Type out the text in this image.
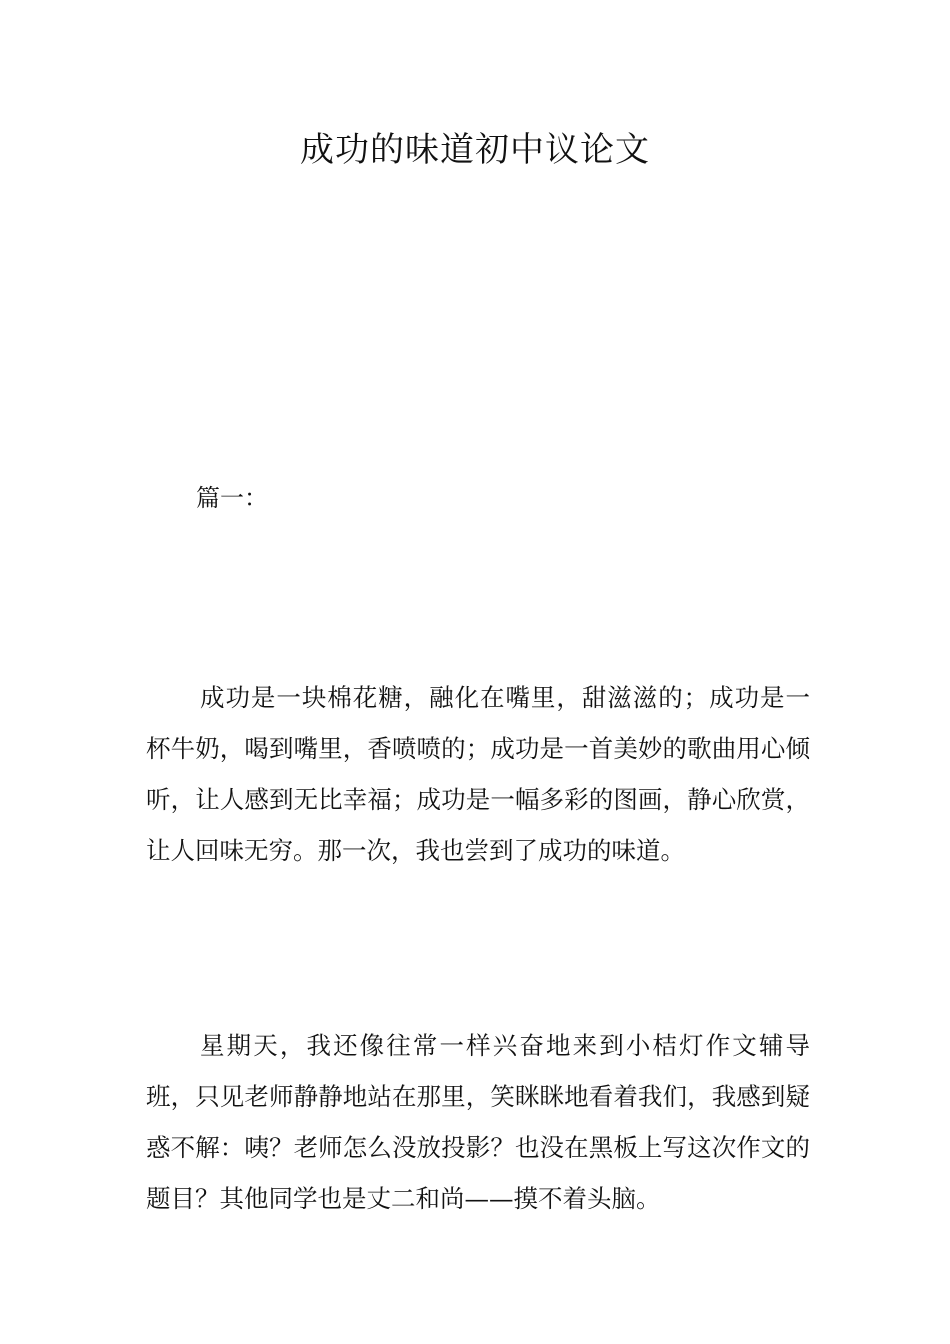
成功的味道初中议论文
篇一：

成功是一块棉花糖，融化在嘴里，甜滋滋的；成功是一杯牛奶，喝到嘴里，香喷喷的；成功是一首美妙的歌曲用心倾听，让人感到无比幸福；成功是一幅多彩的图画，静心欣赏，让人回味无穷。那一次，我也尝到了成功的味道。

星期天，我还像往常一样兴奋地来到小桔灯作文辅导班，只见老师静静地站在那里，笑眯眯地看着我们，我感到疑惑不解：咦？老师怎么没放投影？也没在黑板上写这次作文的题目？其他同学也是丈二和尚——摸不着头脑。
